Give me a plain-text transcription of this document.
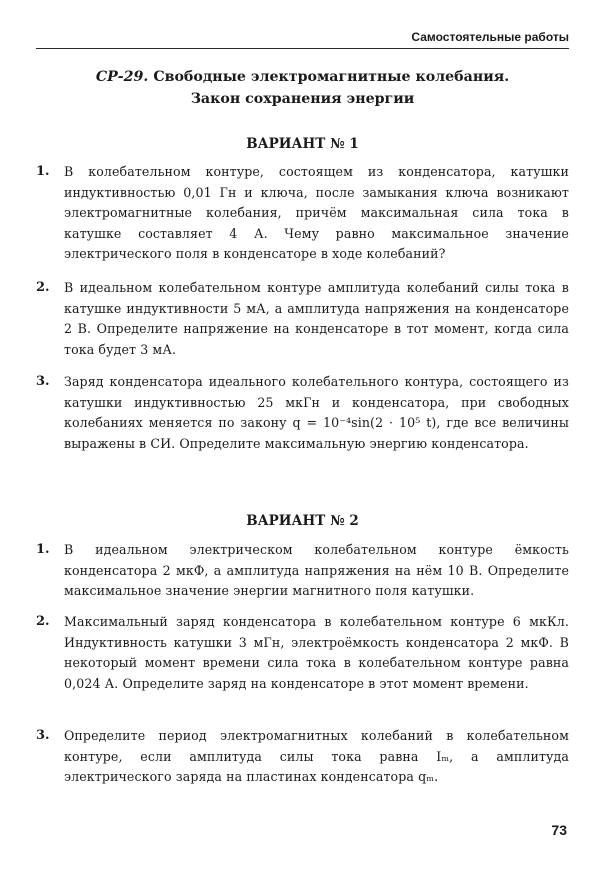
Самостоятельные работы
СР-29. Свободные электромагнитные колебания.
Закон сохранения энергии
ВАРИАНТ № 1
1. В колебательном контуре, состоящем из конденсатора, катушки индуктивностью 0,01 Гн и ключа, после замыкания ключа возникают электромагнитные колебания, причём максимальная сила тока в катушке составляет 4 А. Чему равно максимальное значение электрического поля в конденсаторе в ходе колебаний?
2. В идеальном колебательном контуре амплитуда колебаний силы тока в катушке индуктивности 5 мА, а амплитуда напряжения на конденсаторе 2 В. Определите напряжение на конденсаторе в тот момент, когда сила тока будет 3 мА.
3. Заряд конденсатора идеального колебательного контура, состоящего из катушки индуктивностью 25 мкГн и конденсатора, при свободных колебаниях меняется по закону q = 10⁻⁴sin(2 · 10⁵ t), где все величины выражены в СИ. Определите максимальную энергию конденсатора.
ВАРИАНТ № 2
1. В идеальном электрическом колебательном контуре ёмкость конденсатора 2 мкФ, а амплитуда напряжения на нём 10 В. Определите максимальное значение энергии магнитного поля катушки.
2. Максимальный заряд конденсатора в колебательном контуре 6 мкКл. Индуктивность катушки 3 мГн, электроёмкость конденсатора 2 мкФ. В некоторый момент времени сила тока в колебательном контуре равна 0,024 А. Определите заряд на конденсаторе в этот момент времени.
3. Определите период электромагнитных колебаний в колебательном контуре, если амплитуда силы тока равна Iₘ, а амплитуда электрического заряда на пластинах конденсатора qₘ.
73
